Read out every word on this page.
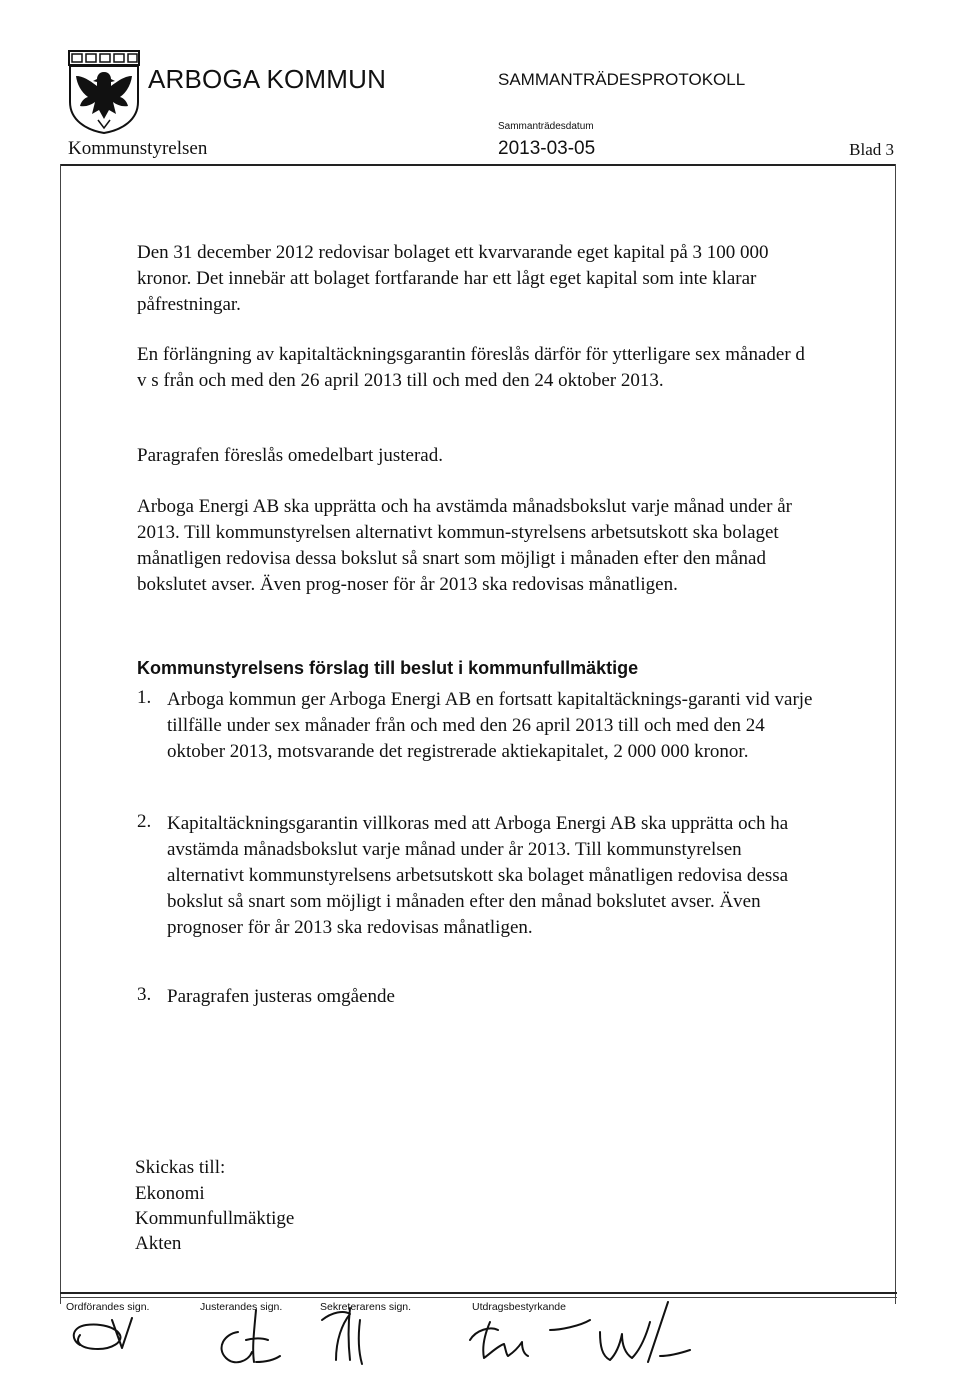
ARBOGA KOMMUN	SAMMANTRÄDESPROTOKOLL
Sammanträdesdatum
Kommunstyrelsen	2013-03-05	Blad 3
Den 31 december 2012 redovisar bolaget ett kvarvarande eget kapital på 3 100 000 kronor. Det innebär att bolaget fortfarande har ett lågt eget kapital som inte klarar påfrestningar.
En förlängning av kapitaltäckningsgarantin föreslås därför för ytterligare sex månader d v s från och med den 26 april 2013 till och med den 24 oktober 2013.
Paragrafen föreslås omedelbart justerad.
Arboga Energi AB ska upprätta och ha avstämda månadsbokslut varje månad under år 2013. Till kommunstyrelsen alternativt kommun-styrelsens arbetsutskott ska bolaget månatligen redovisa dessa bokslut så snart som möjligt i månaden efter den månad bokslutet avser. Även prog-noser för år 2013 ska redovisas månatligen.
Kommunstyrelsens förslag till beslut i kommunfullmäktige
1. Arboga kommun ger Arboga Energi AB en fortsatt kapitaltäcknings-garanti vid varje tillfälle under sex månader från och med den 26 april 2013 till och med den 24 oktober 2013, motsvarande det registrerade aktiekapitalet, 2 000 000 kronor.
2. Kapitaltäckningsgarantin villkoras med att Arboga Energi AB ska upprätta och ha avstämda månadsbokslut varje månad under år 2013. Till kommunstyrelsen alternativt kommunstyrelsens arbetsutskott ska bolaget månatligen redovisa dessa bokslut så snart som möjligt i månaden efter den månad bokslutet avser. Även prognoser för år 2013 ska redovisas månatligen.
3. Paragrafen justeras omgående
Skickas till:
Ekonomi
Kommunfullmäktige
Akten
Ordförandes sign.	Justerandes sign.	Sekreterarens sign.	Utdragsbestyrkande
